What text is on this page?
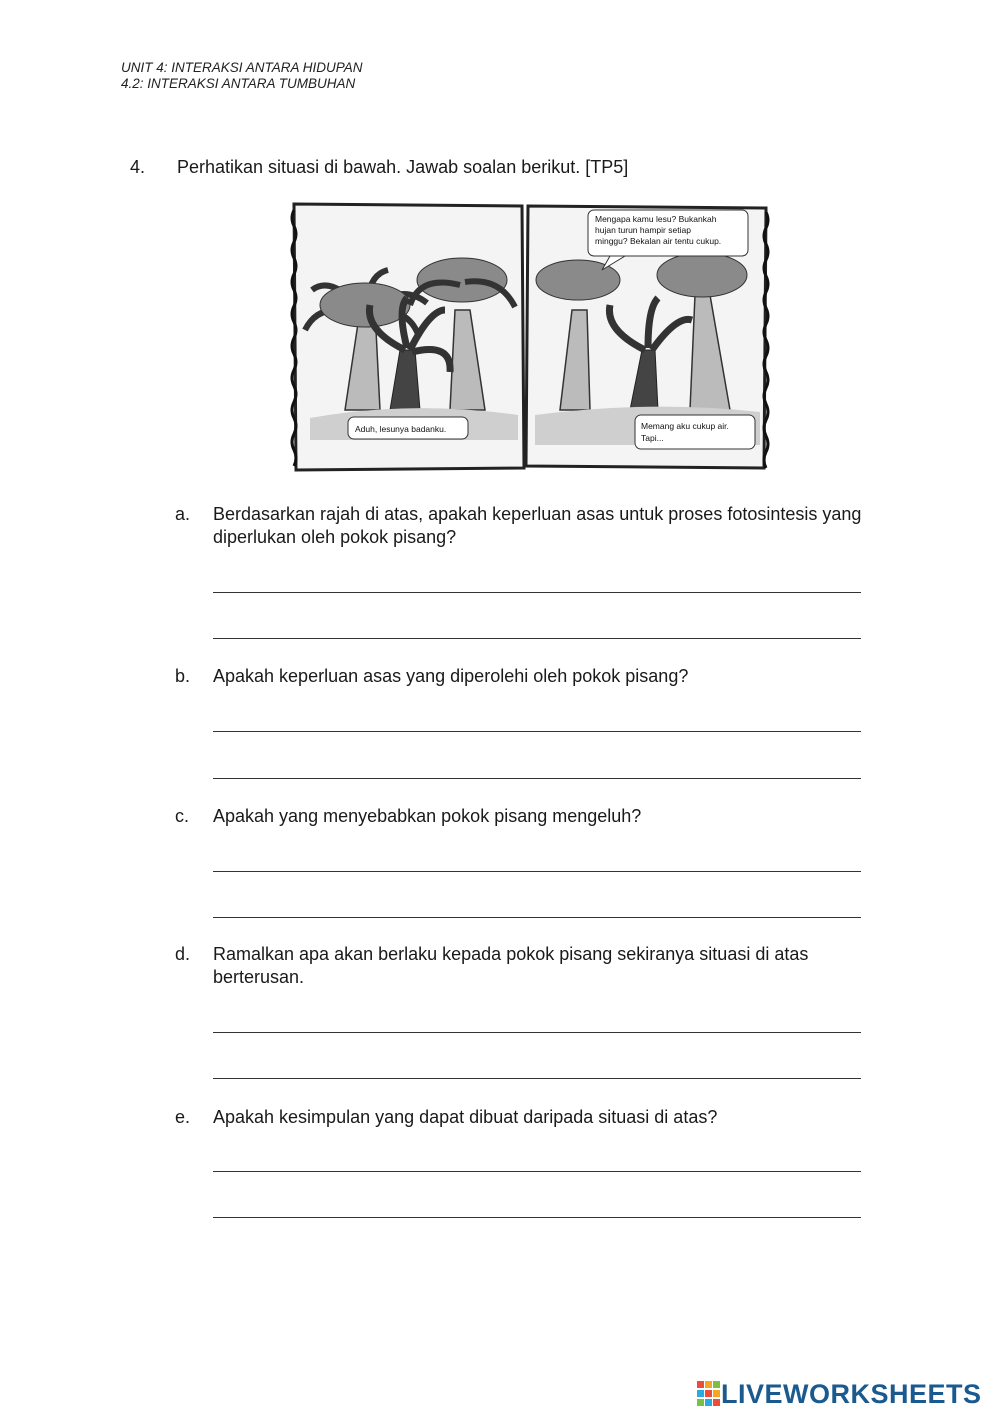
UNIT 4: INTERAKSI ANTARA HIDUPAN
4.2: INTERAKSI ANTARA TUMBUHAN
4. Perhatikan situasi di bawah. Jawab soalan berikut. [TP5]
Aduh, lesunya badanku.
Mengapa kamu lesu? Bukankah hujan turun hampir setiap minggu? Bekalan air tentu cukup.
Memang aku cukup air. Tapi...
a. Berdasarkan rajah di atas, apakah keperluan asas untuk proses fotosintesis yang diperlukan oleh pokok pisang?
b. Apakah keperluan asas yang diperolehi oleh pokok pisang?
c. Apakah yang menyebabkan pokok pisang mengeluh?
d. Ramalkan apa akan berlaku kepada pokok pisang sekiranya situasi di atas berterusan.
e. Apakah kesimpulan yang dapat dibuat daripada situasi di atas?
LIVEWORKSHEETS
